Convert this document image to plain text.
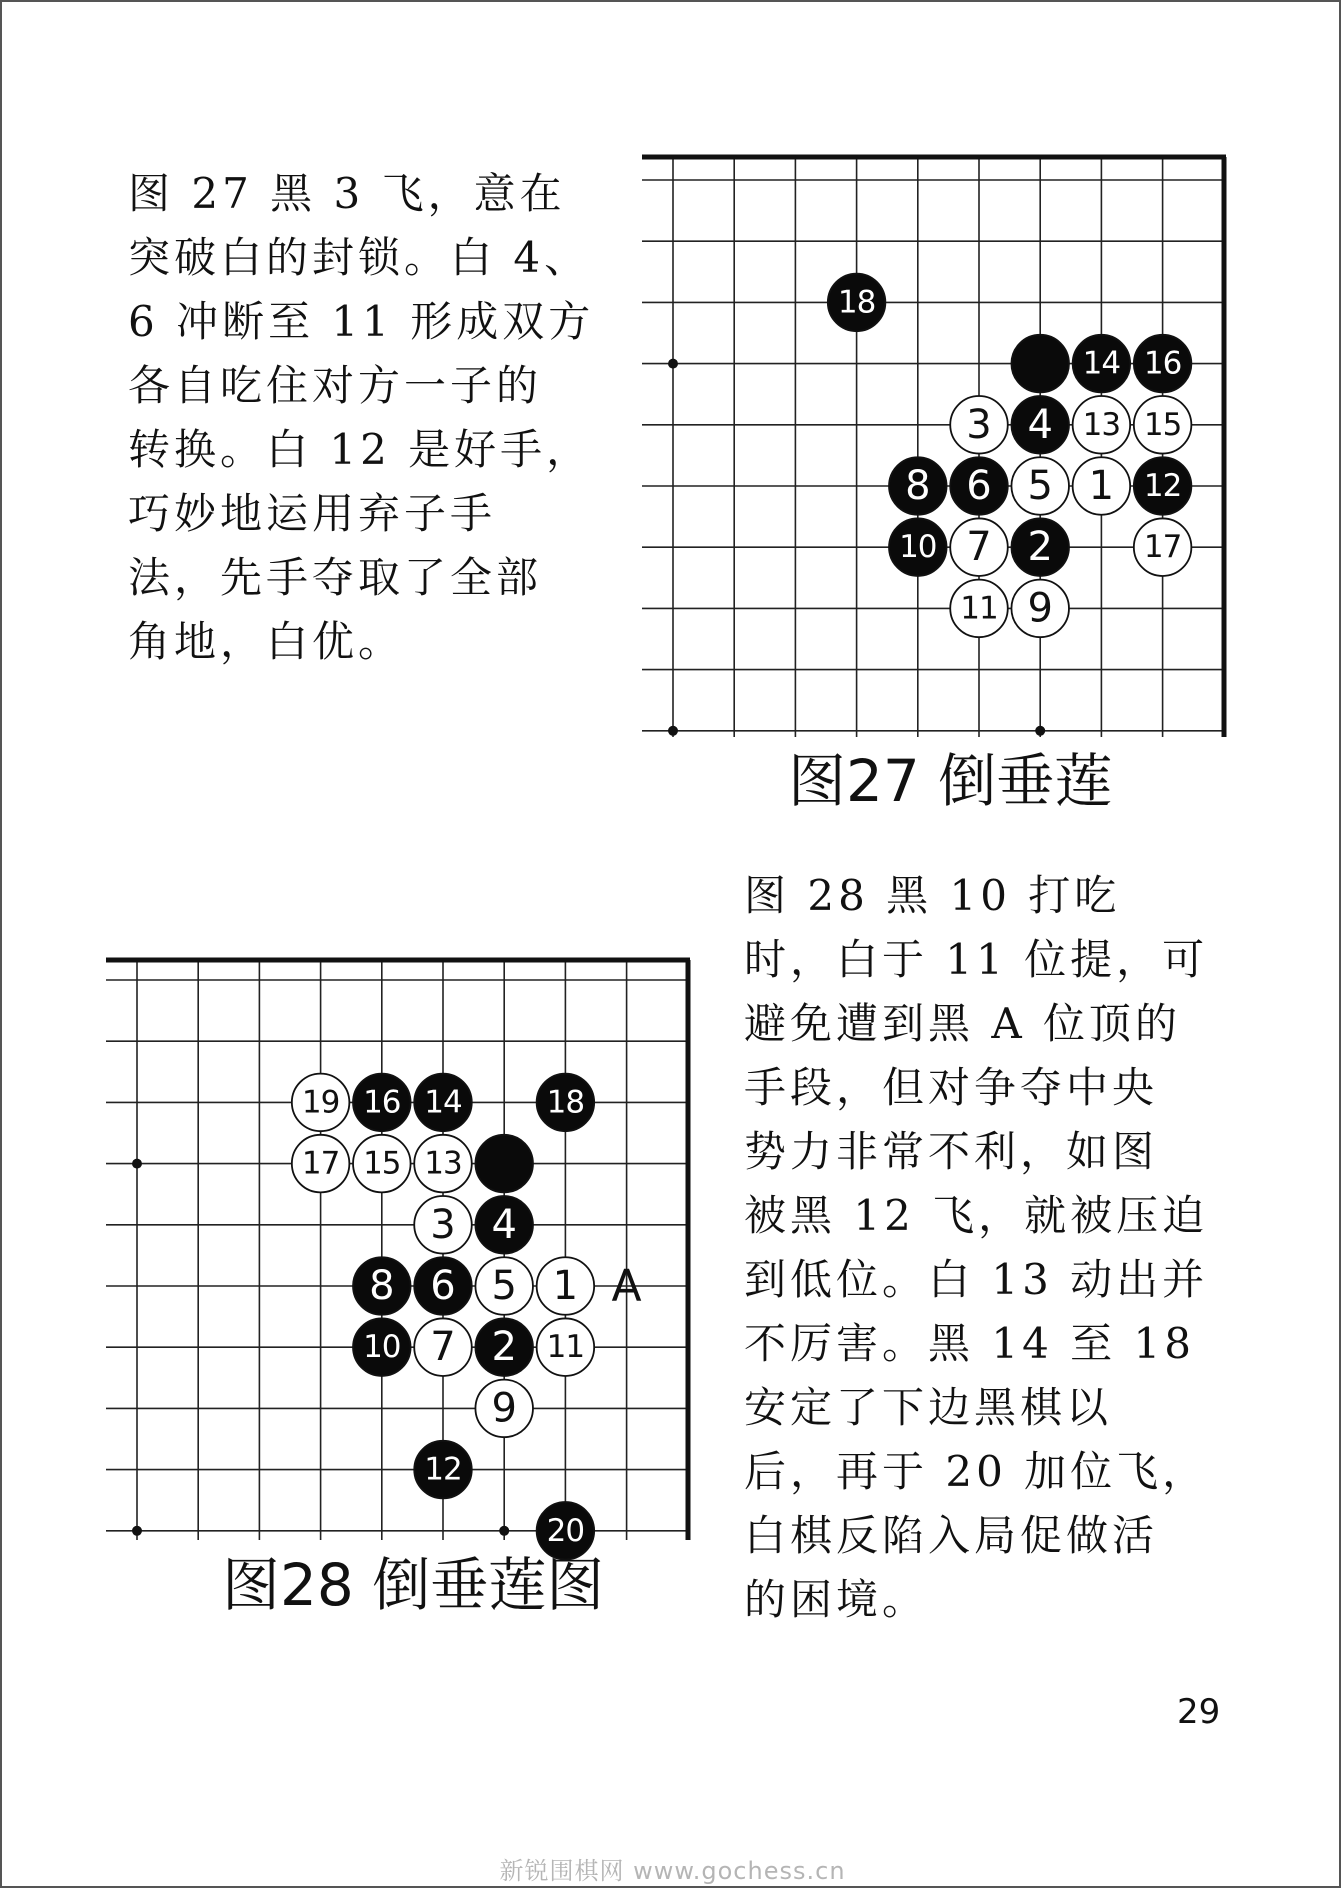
18
14 16
3 4 13 15
8 6 5 1 12
10 7 2	17
11 9
19 16 14	18
17 15 13
3 4
8 6 5 1
10 7 2 11
9
12
20
A
图 27 黑 3 飞，意在
突破白的封锁。白 4、
6 冲断至 11 形成双方
各自吃住对方一子的
转换。白 12 是好手，
巧妙地运用弃子手
法，先手夺取了全部
角地，白优。
图27 倒垂莲
图 28 黑 10 打吃
时，白于 11 位提，可
避免遭到黑 A 位顶的
手段，但对争夺中央
势力非常不利，如图
被黑 12 飞，就被压迫
到低位。白 13 动出并
不厉害。黑 14 至 18
安定了下边黑棋以
后，再于 20 加位飞，
白棋反陷入局促做活
的困境。
图28 倒垂莲图
29
新锐围棋网 www.gochess.cn
